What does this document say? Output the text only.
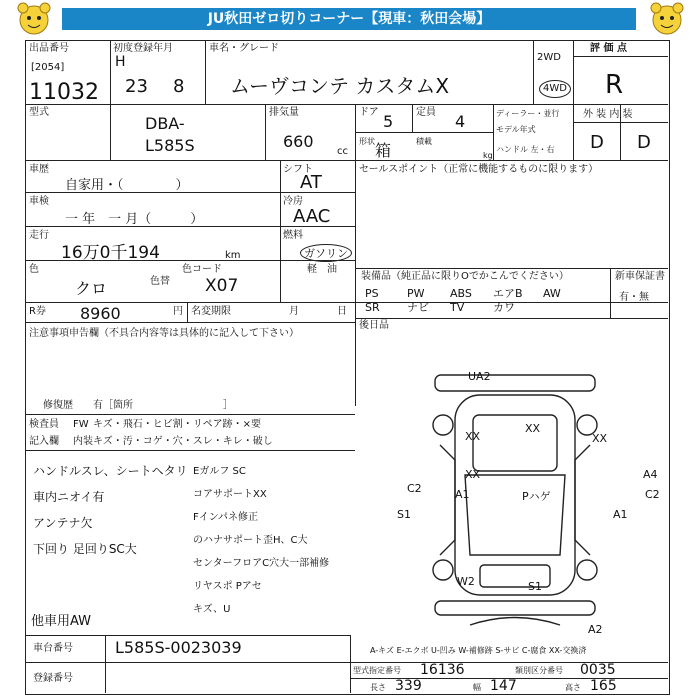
JU秋田ゼロ切りコーナー【現車：秋田会場】
出品番号
[2054]
11032
初度登録年月
H
23 8
車名・グレード
ムーヴコンテ カスタムX
2WD
4WD
評 価 点
R
型式
DBA-
L585S
排気量
660
cc
ドア 5 定員 4
形状 箱	積載
kg
ディーラー・並行
モデル年式
ハンドル 左・右
外 装 内 装
D D
車歴
自家用・（　　　　）
車検
一 年　一 月（　　　）
走行
16万0千194	km
色
クロ	色替
色コード
X07
シフト
AT
冷房
AAC
燃料
ガソリン
軽　油
R券 8960	円 名変期限	月	日
セールスポイント（正常に機能するものに限ります）
装備品（純正品に限りΟでかこんでください）	新車保証書
有・無
PS	PW ABS エアB AW
SR ナビ TV	カワ
後日品
注意事項申告欄（不具合内容等は具体的に記入して下さい）
修復歴　　有［箇所　　　　　　　　　］
検査員
記入欄
FW キズ・飛石・ヒビ割・リペア跡・×要
内装 キズ・汚・コゲ・穴・スレ・キレ・破し
ハンドルスレ、シートヘタリ
車内ニオイ有
アンテナ欠
下回り 足回りSC大
Eガルフ SC
コアサポートXX
Fインパネ修正
のハナサポート歪H、C大
センターフロアC穴大一部補修
リヤスポ Pアセ
キズ、U
他車用AW
UA2
XX
XX	XX
XX	A4
C2	A1
S1
Pハゲ
A1
C2
W2	S1
A2
A-キズ E-エクボ U-凹み W-補修跡 S-サビ C-腐食 XX-交換済
車台番号	L585S-0023039
登録番号
型式指定番号 16136	類別区分番号 0035
長さ 339	幅 147	高さ 165
